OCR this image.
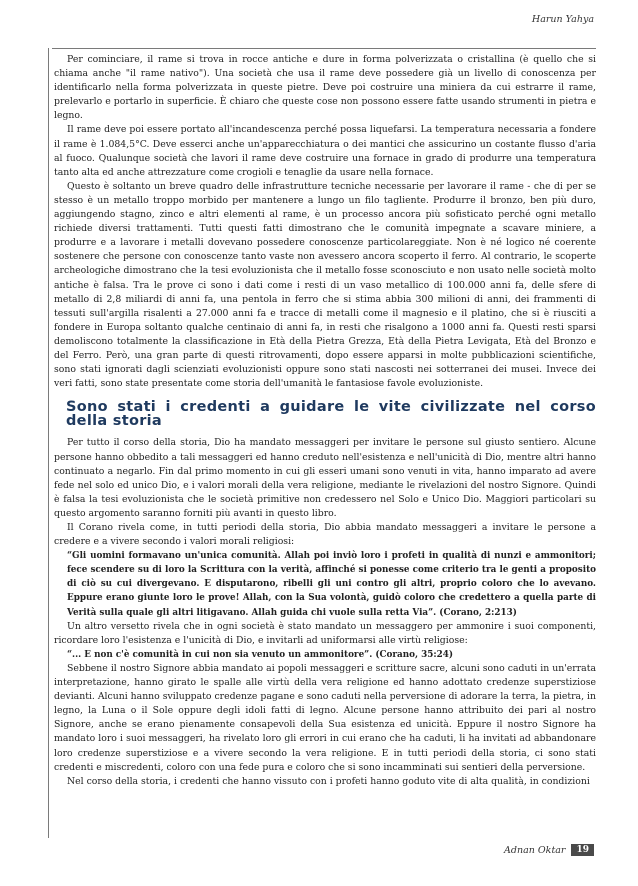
Harun Yahya

Per cominciare, il rame si trova in rocce antiche e dure in forma polverizzata o cristallina (è quello che si chiama anche "il rame nativo"). Una società che usa il rame deve possedere già un livello di conoscenza per identificarlo nella forma polverizzata in queste pietre. Deve poi costruire una miniera da cui estrarre il rame, prelevarlo e portarlo in superficie. È chiaro che queste cose non possono essere fatte usando strumenti in pietra e legno.

Il rame deve poi essere portato all'incandescenza perché possa liquefarsi. La temperatura necessaria a fondere il rame è 1.084,5°C. Deve esserci anche un'apparecchiatura o dei mantici che assicurino un costante flusso d'aria al fuoco. Qualunque società che lavori il rame deve costruire una fornace in grado di produrre una temperatura tanto alta ed anche attrezzature come crogioli e tenaglie da usare nella fornace.

Questo è soltanto un breve quadro delle infrastrutture tecniche necessarie per lavorare il rame - che di per se stesso è un metallo troppo morbido per mantenere a lungo un filo tagliente. Produrre il bronzo, ben più duro, aggiungendo stagno, zinco e altri elementi al rame, è un processo ancora più sofisticato perché ogni metallo richiede diversi trattamenti. Tutti questi fatti dimostrano che le comunità impegnate a scavare miniere, a produrre e a lavorare i metalli dovevano possedere conoscenze particolareggiate. Non è né logico né coerente sostenere che persone con conoscenze tanto vaste non avessero ancora scoperto il ferro. Al contrario, le scoperte archeologiche dimostrano che la tesi evoluzionista che il metallo fosse sconosciuto e non usato nelle società molto antiche è falsa. Tra le prove ci sono i dati come i resti di un vaso metallico di 100.000 anni fa, delle sfere di metallo di 2,8 miliardi di anni fa, una pentola in ferro che si stima abbia 300 milioni di anni, dei frammenti di tessuti sull'argilla risalenti a 27.000 anni fa e tracce di metalli come il magnesio e il platino, che si è riusciti a fondere in Europa soltanto qualche centinaio di anni fa, in resti che risalgono a 1000 anni fa. Questi resti sparsi demoliscono totalmente la classificazione in Età della Pietra Grezza, Età della Pietra Levigata, Età del Bronzo e del Ferro. Però, una gran parte di questi ritrovamenti, dopo essere apparsi in molte pubblicazioni scientifiche, sono stati ignorati dagli scienziati evoluzionisti oppure sono stati nascosti nei sotterranei dei musei. Invece dei veri fatti, sono state presentate come storia dell'umanità le fantasiose favole evoluzioniste.

Sono stati i credenti a guidare le vite civilizzate nel corso della storia

Per tutto il corso della storia, Dio ha mandato messaggeri per invitare le persone sul giusto sentiero. Alcune persone hanno obbedito a tali messaggeri ed hanno creduto nell'esistenza e nell'unicità di Dio, mentre altri hanno continuato a negarlo. Fin dal primo momento in cui gli esseri umani sono venuti in vita, hanno imparato ad avere fede nel solo ed unico Dio, e i valori morali della vera religione, mediante le rivelazioni del nostro Signore. Quindi è falsa la tesi evoluzionista che le società primitive non credessero nel Solo e Unico Dio. Maggiori particolari su questo argomento saranno forniti più avanti in questo libro.

Il Corano rivela come, in tutti periodi della storia, Dio abbia mandato messaggeri a invitare le persone a credere e a vivere secondo i valori morali religiosi:

“Gli uomini formavano un'unica comunità. Allah poi inviò loro i profeti in qualità di nunzi e ammonitori; fece scendere su di loro la Scrittura con la verità, affinché si ponesse come criterio tra le genti a proposito di ciò su cui divergevano. E disputarono, ribelli gli uni contro gli altri, proprio coloro che lo avevano. Eppure erano giunte loro le prove! Allah, con la Sua volontà, guidò coloro che credettero a quella parte di Verità sulla quale gli altri litigavano. Allah guida chi vuole sulla retta Via”. (Corano, 2:213)

Un altro versetto rivela che in ogni società è stato mandato un messaggero per ammonire i suoi componenti, ricordare loro l'esistenza e l'unicità di Dio, e invitarli ad uniformarsi alle virtù religiose:

“... E non c'è comunità in cui non sia venuto un ammonitore”. (Corano, 35:24)

Sebbene il nostro Signore abbia mandato ai popoli messaggeri e scritture sacre, alcuni sono caduti in un'errata interpretazione, hanno girato le spalle alle virtù della vera religione ed hanno adottato credenze superstiziose devianti. Alcuni hanno sviluppato credenze pagane e sono caduti nella perversione di adorare la terra, la pietra, in legno, la Luna o il Sole oppure degli idoli fatti di legno. Alcune persone hanno attribuito dei pari al nostro Signore, anche se erano pienamente consapevoli della Sua esistenza ed unicità. Eppure il nostro Signore ha mandato loro i suoi messaggeri, ha rivelato loro gli errori in cui erano che ha caduti, li ha invitati ad abbandonare loro credenze superstiziose e a vivere secondo la vera religione. E in tutti periodi della storia, ci sono stati credenti e miscredenti, coloro con una fede pura e coloro che si sono incamminati sui sentieri della perversione.

Nel corso della storia, i credenti che hanno vissuto con i profeti hanno goduto vite di alta qualità, in condizioni

Adnan Oktar	19
